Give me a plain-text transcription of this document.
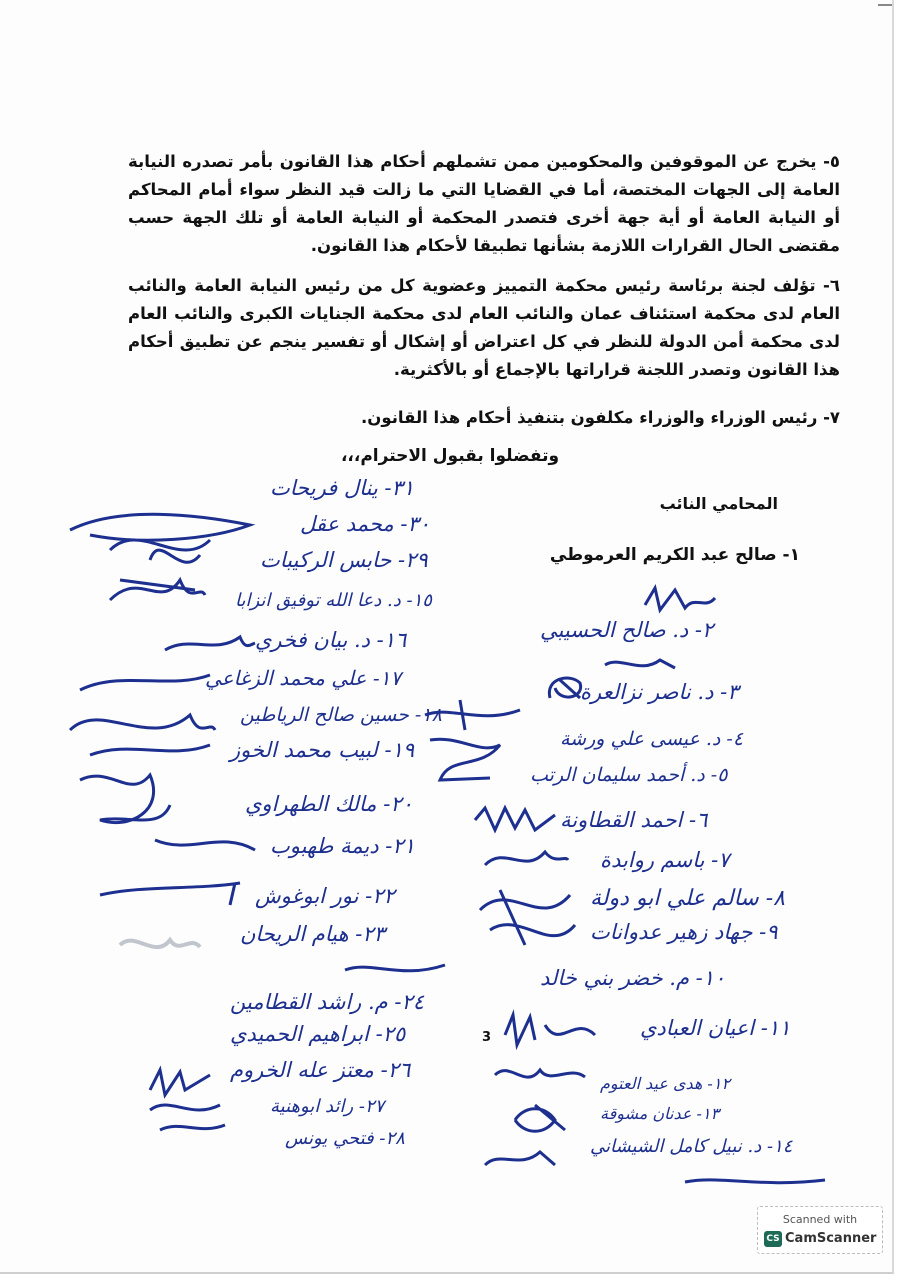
٥- يخرج عن الموقوفين والمحكومين ممن تشملهم أحكام هذا القانون بأمر تصدره النيابة العامة إلى الجهات المختصة، أما في القضايا التي ما زالت قيد النظر سواء أمام المحاكم أو النيابة العامة أو أية جهة أخرى فتصدر المحكمة أو النيابة العامة أو تلك الجهة حسب مقتضى الحال القرارات اللازمة بشأنها تطبيقا لأحكام هذا القانون.

٦- تؤلف لجنة برئاسة رئيس محكمة التمييز وعضوية كل من رئيس النيابة العامة والنائب العام لدى محكمة استئناف عمان والنائب العام لدى محكمة الجنايات الكبرى والنائب العام لدى محكمة أمن الدولة للنظر في كل اعتراض أو إشكال أو تفسير ينجم عن تطبيق أحكام هذا القانون وتصدر اللجنة قراراتها بالإجماع أو بالأكثرية.

٧- رئيس الوزراء والوزراء مكلفون بتنفيذ أحكام هذا القانون.

وتفضلوا بقبول الاحترام،،،
المحامي النائب
١- صالح عبد الكريم العرموطي
٣١- ينال فريحات
٣٠- محمد عقل
٢٩- حابس الركيبات
١٥- د. دعا الله توفيق انزابا
١٦- د. بيان فخري
١٧- علي محمد الزغاعي
١٨- حسين صالح الرياطين
١٩- لبيب محمد الخوز
٢٠- مالك الطهراوي
٢١- ديمة طهبوب
٢٢- نور ابوغوش
٢٣- هيام الريحان
٢٤- م. راشد القطامين
٢٥- ابراهيم الحميدي
٢٦- معتز عله الخروم
٢٧- رائد ابوهنية
٢٨- فتحي يونس
٢- د. صالح الحسيبي
٣- د. ناصر نزالعرة
٤- د. عيسى علي ورشة
٥- د. أحمد سليمان الرتب
٦- احمد القطاونة
٧- باسم روابدة
٨- سالم علي ابو دولة
٩- جهاد زهير عدوانات
١٠- م. خضر بني خالد
١١- اعيان العبادي
١٢- هدى عيد العتوم
١٣- عدنان مشوقة
١٤- د. نبيل كامل الشيشاني
3
Scanned with
CS CamScanner
